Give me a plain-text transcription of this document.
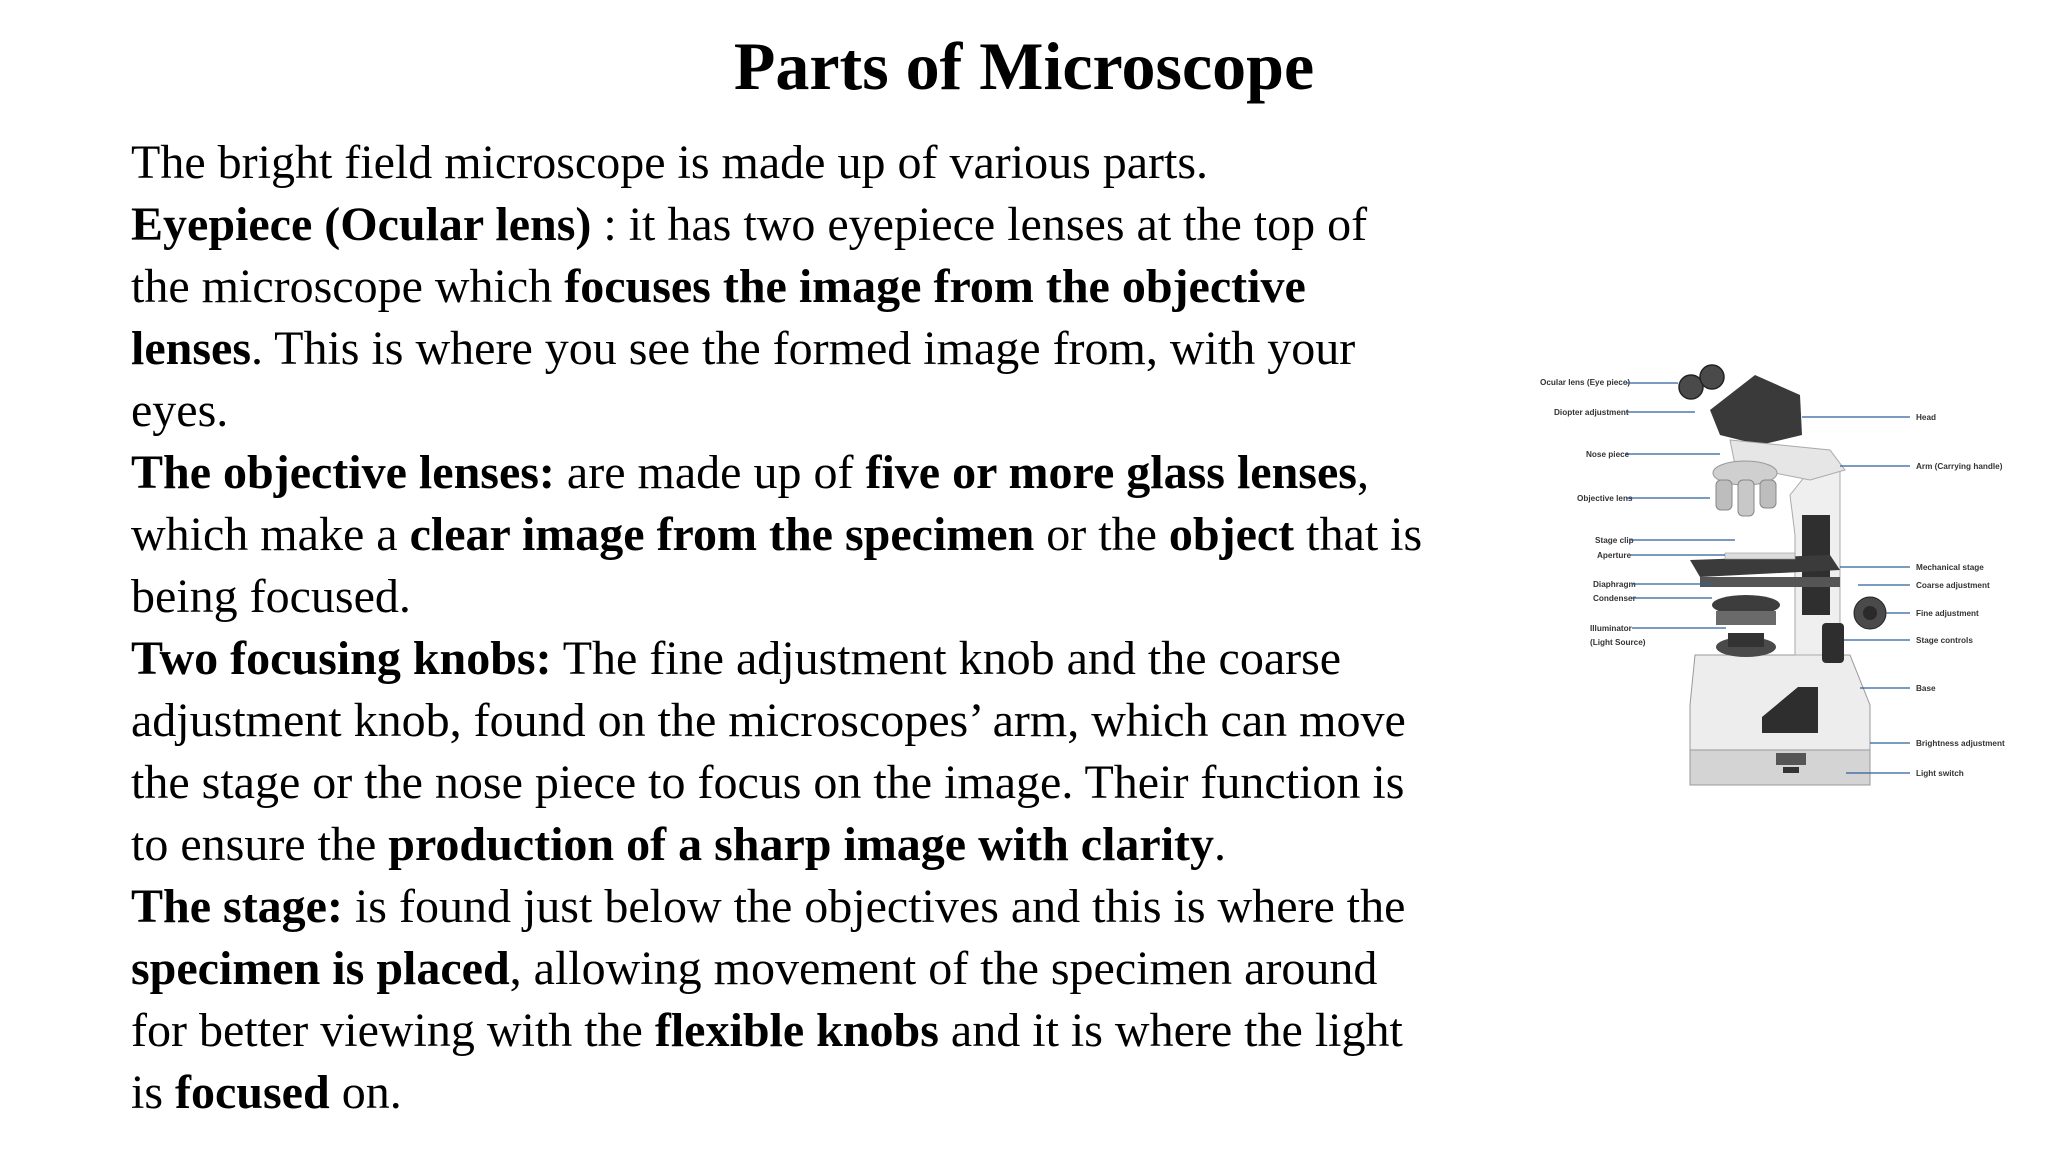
Parts of Microscope
The bright field microscope is made up of various parts.
Eyepiece (Ocular lens) : it has two eyepiece lenses at the top of
the microscope which focuses the image from the objective
lenses. This is where you see the formed image from, with your
eyes.
The objective lenses: are made up of five or more glass lenses,
which make a clear image from the specimen or the object that is
being focused.
Two focusing knobs: The fine adjustment knob and the coarse
adjustment knob, found on the microscopes’ arm, which can move
the stage or the nose piece to focus on the image. Their function is
to ensure the production of a sharp image with clarity.
The stage: is found just below the objectives and this is where the
specimen is placed, allowing movement of the specimen around
for better viewing with the flexible knobs and it is where the light
is focused on.
Ocular lens (Eye piece)
Diopter adjustment
Nose piece
Objective lens
Stage clip
Aperture
Diaphragm
Condenser
Illuminator
(Light Source)
Head
Arm (Carrying handle)
Mechanical stage
Coarse adjustment
Fine adjustment
Stage controls
Base
Brightness adjustment
Light switch
